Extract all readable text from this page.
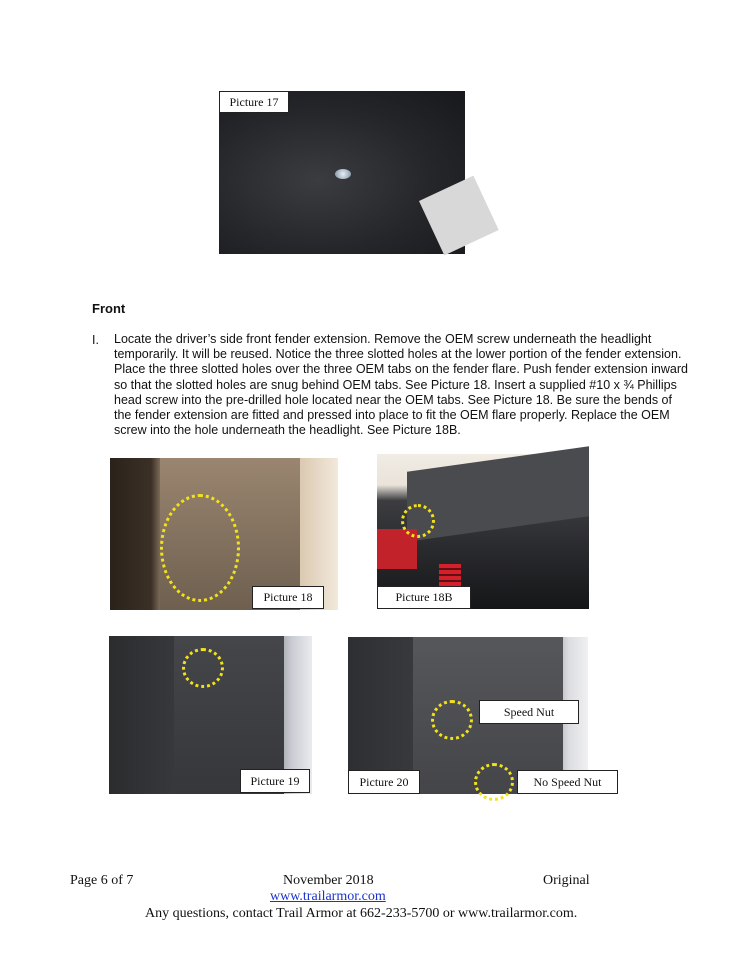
Picture 17
Front
I. Locate the driver’s side front fender extension. Remove the OEM screw underneath the headlight temporarily. It will be reused. Notice the three slotted holes at the lower portion of the fender extension. Place the three slotted holes over the three OEM tabs on the fender flare. Push fender extension inward so that the slotted holes are snug behind OEM tabs. See Picture 18. Insert a supplied #10 x ¾ Phillips head screw into the pre-drilled hole located near the OEM tabs. See Picture 18. Be sure the bends of the fender extension are fitted and pressed into place to fit the OEM flare properly. Replace the OEM screw into the hole underneath the headlight. See Picture 18B.
Picture 18	Picture 18B
Picture 19
Speed Nut
Picture 20	No Speed Nut
Page 6 of 7	November 2018	Original
www.trailarmor.com
Any questions, contact Trail Armor at 662-233-5700 or www.trailarmor.com.
